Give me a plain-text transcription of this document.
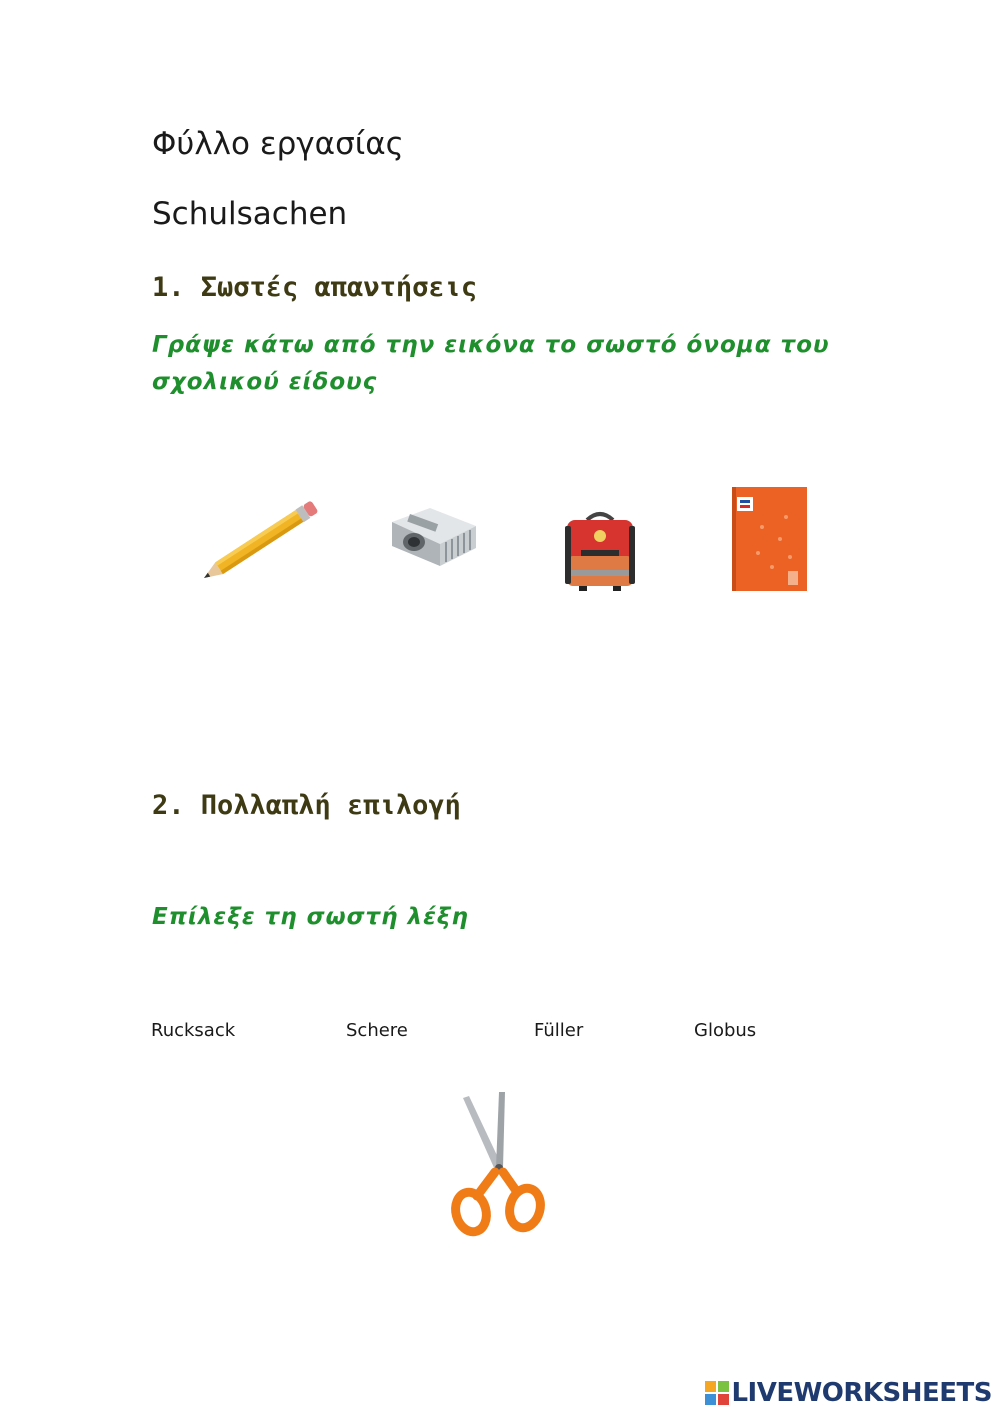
Φύλλο εργασίας
Schulsachen
1. Σωστές απαντήσεις
Γράψε κάτω από την εικόνα το σωστό όνομα του
σχολικού είδους
2. Πολλαπλή επιλογή
Επίλεξε τη σωστή λέξη
Rucksack	Schere	Füller	Globus
LIVEWORKSHEETS
